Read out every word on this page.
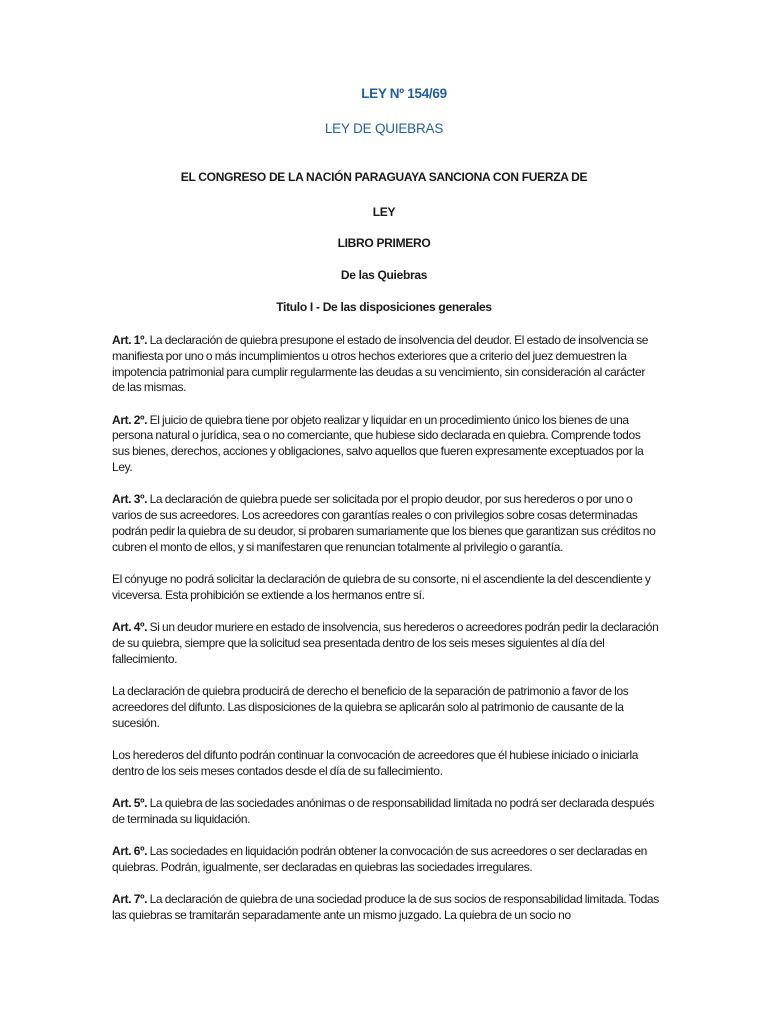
LEY Nº 154/69

LEY DE QUIEBRAS

EL CONGRESO DE LA NACIÓN PARAGUAYA SANCIONA CON FUERZA DE

LEY

LIBRO PRIMERO

De las Quiebras

Titulo I - De las disposiciones generales

Art. 1º. La declaración de quiebra presupone el estado de insolvencia del deudor. El estado de insolvencia se manifiesta por uno o más incumplimientos u otros hechos exteriores que a criterio del juez demuestren la impotencia patrimonial para cumplir regularmente las deudas a su vencimiento, sin consideración al carácter de las mismas.

Art. 2º. El juicio de quiebra tiene por objeto realizar y liquidar en un procedimiento único los bienes de una persona natural o jurídica, sea o no comerciante, que hubiese sido declarada en quiebra. Comprende todos sus bienes, derechos, acciones y obligaciones, salvo aquellos que fueren expresamente exceptuados por la Ley.

Art. 3º. La declaración de quiebra puede ser solicitada por el propio deudor, por sus herederos o por uno o varios de sus acreedores. Los acreedores con garantías reales o con privilegios sobre cosas determinadas podrán pedir la quiebra de su deudor, si probaren sumariamente que los bienes que garantizan sus créditos no cubren el monto de ellos, y si manifestaren que renuncian totalmente al privilegio o garantía.

El cónyuge no podrá solicitar la declaración de quiebra de su consorte, ni el ascendiente la del descendiente y viceversa. Esta prohibición se extiende a los hermanos entre sí.

Art. 4º. Si un deudor muriere en estado de insolvencia, sus herederos o acreedores podrán pedir la declaración de su quiebra, siempre que la solicitud sea presentada dentro de los seis meses siguientes al día del fallecimiento.

La declaración de quiebra producirá de derecho el beneficio de la separación de patrimonio a favor de los acreedores del difunto. Las disposiciones de la quiebra se aplicarán solo al patrimonio de causante de la sucesión.

Los herederos del difunto podrán continuar la convocación de acreedores que él hubiese iniciado o iniciarla dentro de los seis meses contados desde el día de su fallecimiento.

Art. 5º. La quiebra de las sociedades anónimas o de responsabilidad limitada no podrá ser declarada después de terminada su liquidación.

Art. 6º. Las sociedades en liquidación podrán obtener la convocación de sus acreedores o ser declaradas en quiebras. Podrán, igualmente, ser declaradas en quiebras las sociedades irregulares.

Art. 7º. La declaración de quiebra de una sociedad produce la de sus socios de responsabilidad limitada. Todas las quiebras se tramitarán separadamente ante un mismo juzgado. La quiebra de un socio no
